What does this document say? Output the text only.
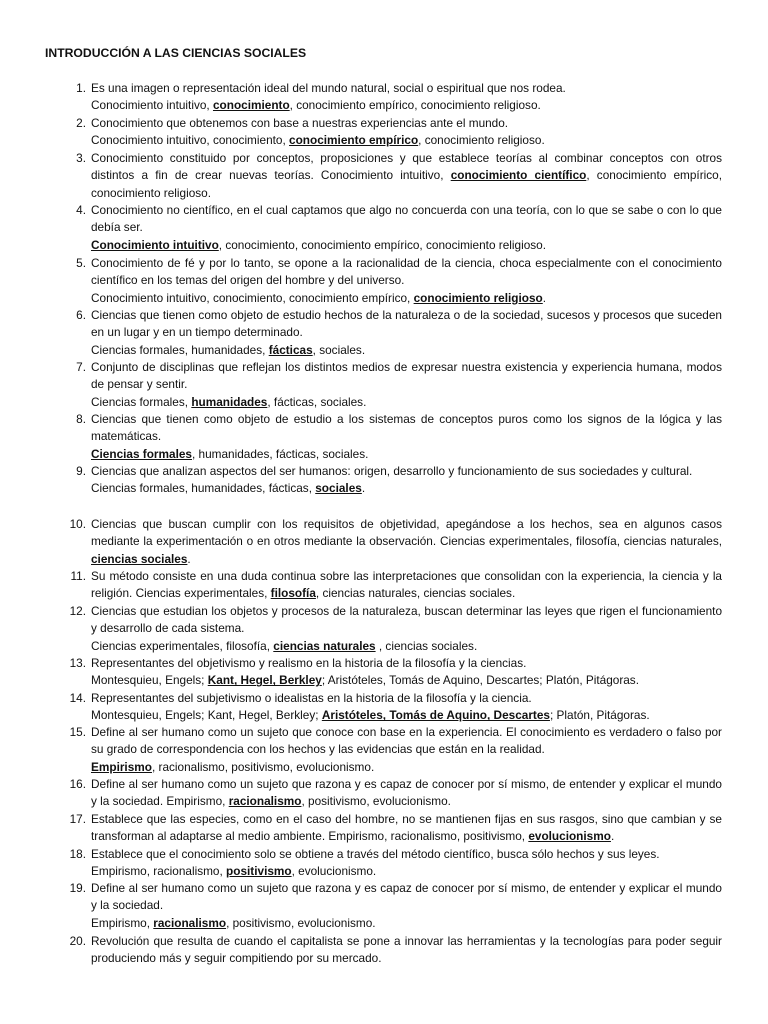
INTRODUCCIÓN A LAS CIENCIAS SOCIALES
1. Es una imagen o representación ideal del mundo natural, social o espiritual que nos rodea.
Conocimiento intuitivo, conocimiento, conocimiento empírico, conocimiento religioso.
2. Conocimiento que obtenemos con base a nuestras experiencias ante el mundo.
Conocimiento intuitivo, conocimiento, conocimiento empírico, conocimiento religioso.
3. Conocimiento constituido por conceptos, proposiciones y que establece teorías al combinar conceptos con otros distintos a fin de crear nuevas teorías. Conocimiento intuitivo, conocimiento científico, conocimiento empírico, conocimiento religioso.
4. Conocimiento no científico, en el cual captamos que algo no concuerda con una teoría, con lo que se sabe o con lo que debía ser.
Conocimiento intuitivo, conocimiento, conocimiento empírico, conocimiento religioso.
5. Conocimiento de fé y por lo tanto, se opone a la racionalidad de la ciencia, choca especialmente con el conocimiento científico en los temas del origen del hombre y del universo.
Conocimiento intuitivo, conocimiento, conocimiento empírico, conocimiento religioso.
6. Ciencias que tienen como objeto de estudio hechos de la naturaleza o de la sociedad, sucesos y procesos que suceden en un lugar y en un tiempo determinado.
Ciencias formales, humanidades, fácticas, sociales.
7. Conjunto de disciplinas que reflejan los distintos medios de expresar nuestra existencia y experiencia humana, modos de pensar y sentir.
Ciencias formales, humanidades, fácticas, sociales.
8. Ciencias que tienen como objeto de estudio a los sistemas de conceptos puros como los signos de la lógica y las matemáticas.
Ciencias formales, humanidades, fácticas, sociales.
9. Ciencias que analizan aspectos del ser humanos: origen, desarrollo y funcionamiento de sus sociedades y cultural.
Ciencias formales, humanidades, fácticas, sociales.
10. Ciencias que buscan cumplir con los requisitos de objetividad, apegándose a los hechos, sea en algunos casos mediante la experimentación o en otros mediante la observación. Ciencias experimentales, filosofía, ciencias naturales, ciencias sociales.
11. Su método consiste en una duda continua sobre las interpretaciones que consolidan con la experiencia, la ciencia y la religión. Ciencias experimentales, filosofía, ciencias naturales, ciencias sociales.
12. Ciencias que estudian los objetos y procesos de la naturaleza, buscan determinar las leyes que rigen el funcionamiento y desarrollo de cada sistema.
Ciencias experimentales, filosofía, ciencias naturales , ciencias sociales.
13. Representantes del objetivismo y realismo en la historia de la filosofía y la ciencias.
Montesquieu, Engels; Kant, Hegel, Berkley; Aristóteles, Tomás de Aquino, Descartes; Platón, Pitágoras.
14. Representantes del subjetivismo o idealistas en la historia de la filosofía y la ciencia.
Montesquieu, Engels; Kant, Hegel, Berkley; Aristóteles, Tomás de Aquino, Descartes; Platón, Pitágoras.
15. Define al ser humano como un sujeto que conoce con base en la experiencia. El conocimiento es verdadero o falso por su grado de correspondencia con los hechos y las evidencias que están en la realidad.
Empirismo, racionalismo, positivismo, evolucionismo.
16. Define al ser humano como un sujeto que razona y es capaz de conocer por sí mismo, de entender y explicar el mundo y la sociedad. Empirismo, racionalismo, positivismo, evolucionismo.
17. Establece que las especies, como en el caso del hombre, no se mantienen fijas en sus rasgos, sino que cambian y se transforman al adaptarse al medio ambiente. Empirismo, racionalismo, positivismo, evolucionismo.
18. Establece que el conocimiento solo se obtiene a través del método científico, busca sólo hechos y sus leyes.
Empirismo, racionalismo, positivismo, evolucionismo.
19. Define al ser humano como un sujeto que razona y es capaz de conocer por sí mismo, de entender y explicar el mundo y la sociedad.
Empirismo, racionalismo, positivismo, evolucionismo.
20. Revolución que resulta de cuando el capitalista se pone a innovar las herramientas y la tecnologías para poder seguir produciendo más y seguir compitiendo por su mercado.
